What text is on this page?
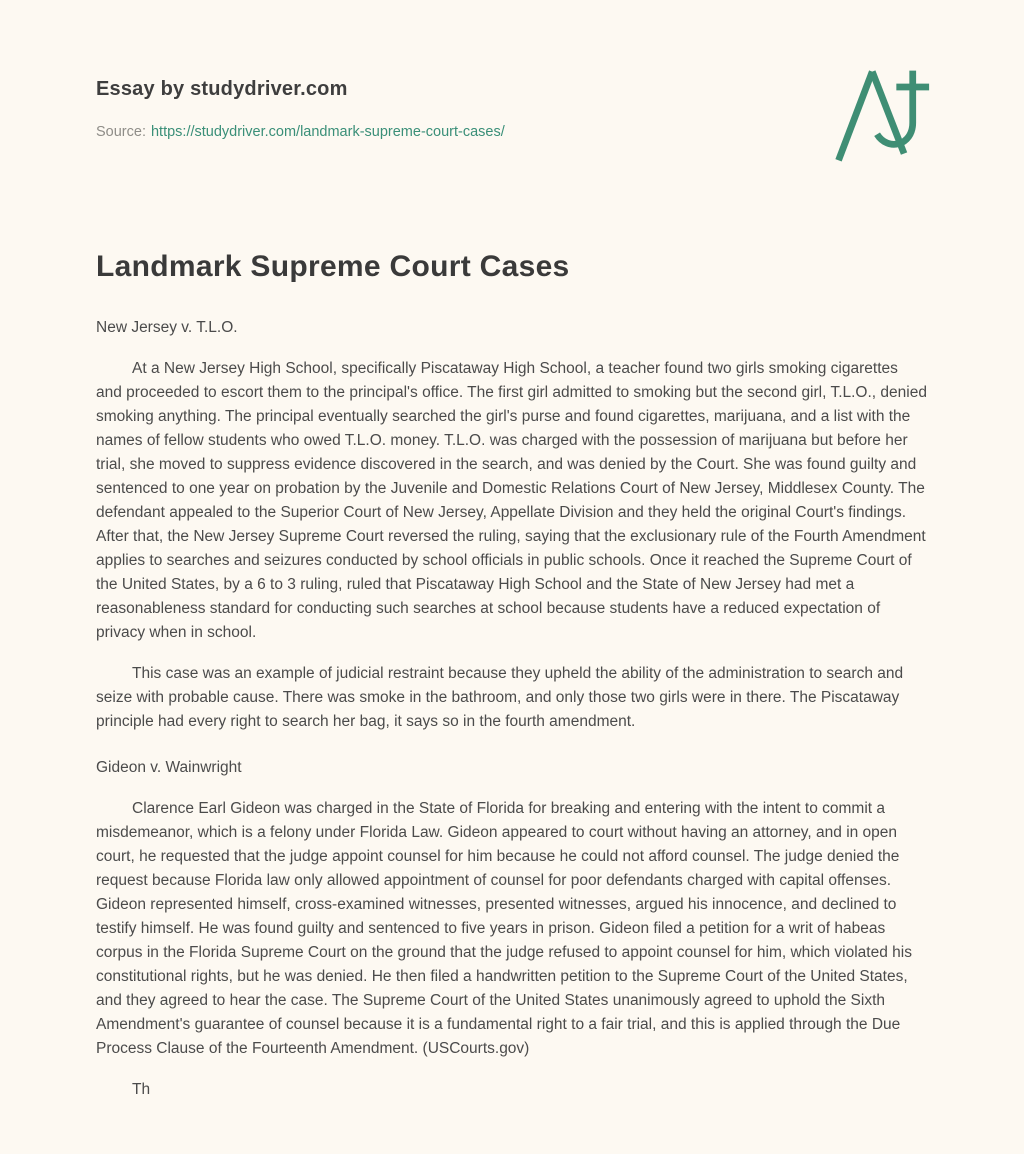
Essay by studydriver.com
Source: https://studydriver.com/landmark-supreme-court-cases/
Landmark Supreme Court Cases

New Jersey v. T.L.O.

At a New Jersey High School, specifically Piscataway High School, a teacher found two girls smoking cigarettes and proceeded to escort them to the principal's office. The first girl admitted to smoking but the second girl, T.L.O., denied smoking anything. The principal eventually searched the girl's purse and found cigarettes, marijuana, and a list with the names of fellow students who owed T.L.O. money. T.L.O. was charged with the possession of marijuana but before her trial, she moved to suppress evidence discovered in the search, and was denied by the Court. She was found guilty and sentenced to one year on probation by the Juvenile and Domestic Relations Court of New Jersey, Middlesex County. The defendant appealed to the Superior Court of New Jersey, Appellate Division and they held the original Court's findings. After that, the New Jersey Supreme Court reversed the ruling, saying that the exclusionary rule of the Fourth Amendment applies to searches and seizures conducted by school officials in public schools. Once it reached the Supreme Court of the United States, by a 6 to 3 ruling, ruled that Piscataway High School and the State of New Jersey had met a reasonableness standard for conducting such searches at school because students have a reduced expectation of privacy when in school.

This case was an example of judicial restraint because they upheld the ability of the administration to search and seize with probable cause. There was smoke in the bathroom, and only those two girls were in there. The Piscataway principle had every right to search her bag, it says so in the fourth amendment.

Gideon v. Wainwright

Clarence Earl Gideon was charged in the State of Florida for breaking and entering with the intent to commit a misdemeanor, which is a felony under Florida Law. Gideon appeared to court without having an attorney, and in open court, he requested that the judge appoint counsel for him because he could not afford counsel. The judge denied the request because Florida law only allowed appointment of counsel for poor defendants charged with capital offenses. Gideon represented himself, cross-examined witnesses, presented witnesses, argued his innocence, and declined to testify himself. He was found guilty and sentenced to five years in prison. Gideon filed a petition for a writ of habeas corpus in the Florida Supreme Court on the ground that the judge refused to appoint counsel for him, which violated his constitutional rights, but he was denied. He then filed a handwritten petition to the Supreme Court of the United States, and they agreed to hear the case. The Supreme Court of the United States unanimously agreed to uphold the Sixth Amendment's guarantee of counsel because it is a fundamental right to a fair trial, and this is applied through the Due Process Clause of the Fourteenth Amendment. (USCourts.gov)

Th
